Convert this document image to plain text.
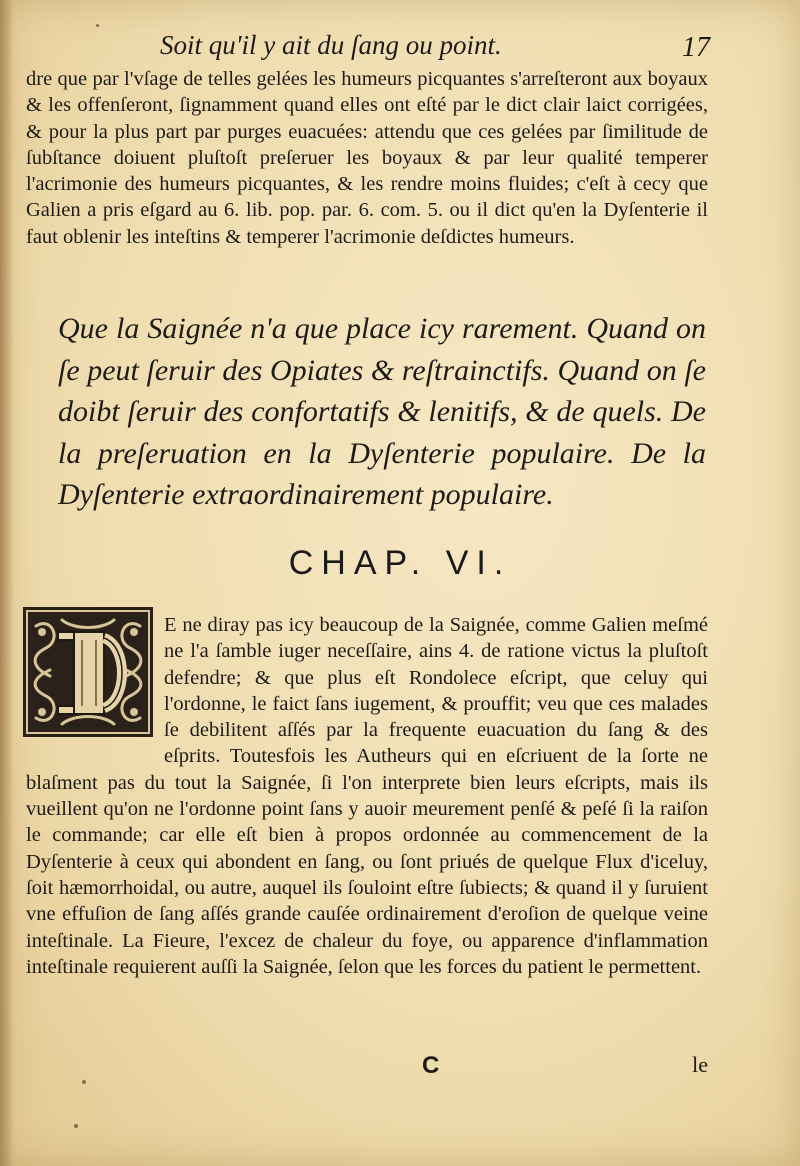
Soit qu'il y ait du ſang ou point.	17

dre que par l'vſage de telles gelées les humeurs picquantes s'arreſteront aux boyaux & les offenſeront, ſignamment quand elles ont eſté par le dict clair laict corrigées, & pour la plus part par purges euacuées: attendu que ces gelées par ſimilitude de ſubſtance doiuent pluſtoſt preſeruer les boyaux & par leur qualité temperer l'acrimonie des humeurs picquantes, & les rendre moins fluides; c'eſt à cecy que Galien a pris eſgard au 6. lib. pop. par. 6. com. 5. ou il dict qu'en la Dyſenterie il faut oblenir les inteſtins & temperer l'acrimonie deſdictes humeurs.

Que la Saignée n'a que place icy rarement. Quand on ſe peut ſeruir des Opiates & reſtrainctifs. Quand on ſe doibt ſeruir des confortatifs & lenitifs, & de quels. De la preſeruation en la Dyſenterie populaire. De la Dyſenterie extraordinairement populaire.

CHAP. VI.

E ne diray pas icy beaucoup de la Saignée, comme Galien meſmé ne l'a ſamble iuger neceſſaire, ains 4. de ratione victus la pluſtoſt defendre; & que plus eſt Rondolece eſcript, que celuy qui l'ordonne, le faict ſans iugement, & prouffit; veu que ces malades ſe debilitent aſſés par la frequente euacuation du ſang & des eſprits. Toutesfois les Autheurs qui en eſcriuent de la ſorte ne blaſment pas du tout la Saignée, ſi l'on interprete bien leurs eſcripts, mais ils vueillent qu'on ne l'ordonne point ſans y auoir meurement penſé & peſé ſi la raiſon le commande; car elle eſt bien à propos ordonnée au commencement de la Dyſenterie à ceux qui abondent en ſang, ou ſont priués de quelque Flux d'iceluy, ſoit hæmorrhoidal, ou autre, auquel ils ſouloint eſtre ſubiects; & quand il y ſuruient vne effuſion de ſang aſſés grande cauſée ordinairement d'eroſion de quelque veine inteſtinale. La Fieure, l'excez de chaleur du foye, ou apparence d'inflammation inteſtinale requierent auſſi la Saignée, ſelon que les forces du patient le permettent.

C	le
